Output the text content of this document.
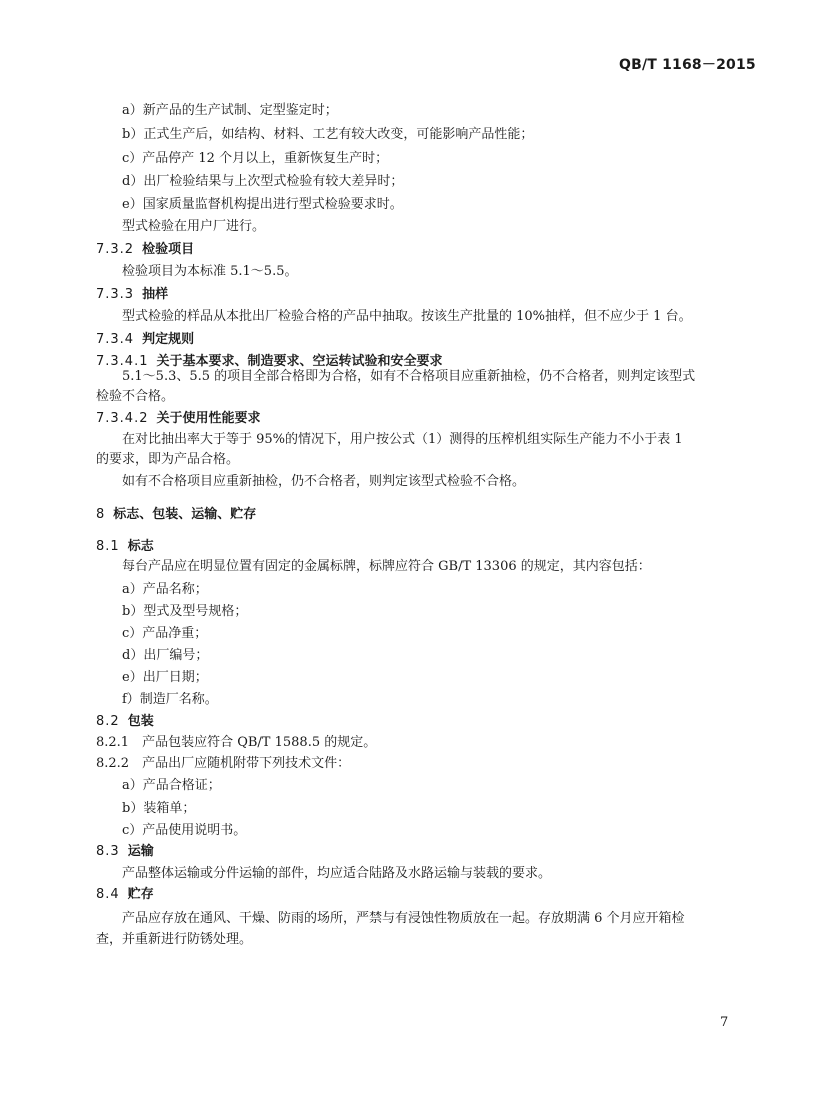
QB/T 1168－2015
a）新产品的生产试制、定型鉴定时；
b）正式生产后，如结构、材料、工艺有较大改变，可能影响产品性能；
c）产品停产 12 个月以上，重新恢复生产时；
d）出厂检验结果与上次型式检验有较大差异时；
e）国家质量监督机构提出进行型式检验要求时。
型式检验在用户厂进行。
7.3.2 检验项目
检验项目为本标准 5.1～5.5。
7.3.3 抽样
型式检验的样品从本批出厂检验合格的产品中抽取。按该生产批量的 10%抽样，但不应少于 1 台。
7.3.4 判定规则
7.3.4.1 关于基本要求、制造要求、空运转试验和安全要求
5.1～5.3、5.5 的项目全部合格即为合格，如有不合格项目应重新抽检，仍不合格者，则判定该型式
检验不合格。
7.3.4.2 关于使用性能要求
在对比抽出率大于等于 95%的情况下，用户按公式（1）测得的压榨机组实际生产能力不小于表 1
的要求，即为产品合格。
如有不合格项目应重新抽检，仍不合格者，则判定该型式检验不合格。
8 标志、包装、运输、贮存
8.1 标志
每台产品应在明显位置有固定的金属标牌，标牌应符合 GB/T 13306 的规定，其内容包括：
a）产品名称；
b）型式及型号规格；
c）产品净重；
d）出厂编号；
e）出厂日期；
f）制造厂名称。
8.2 包装
8.2.1　产品包装应符合 QB/T 1588.5 的规定。
8.2.2　产品出厂应随机附带下列技术文件：
a）产品合格证；
b）装箱单；
c）产品使用说明书。
8.3 运输
产品整体运输或分件运输的部件，均应适合陆路及水路运输与装载的要求。
8.4 贮存
产品应存放在通风、干燥、防雨的场所，严禁与有浸蚀性物质放在一起。存放期满 6 个月应开箱检
查，并重新进行防锈处理。
7
